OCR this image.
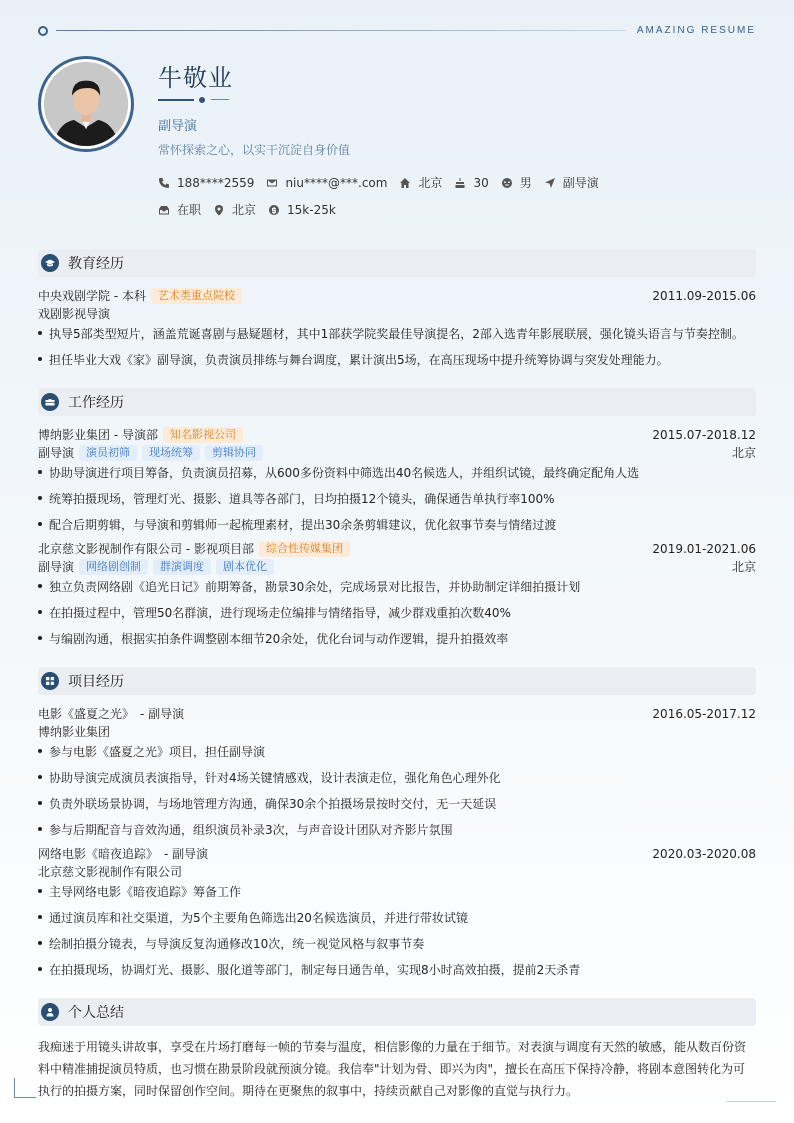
AMAZING RESUME
牛敬业
副导演
常怀探索之心，以实干沉淀自身价值
188****2559	niu****@***.com	北京	30	男	副导演
在职	北京	15k-25k
教育经历
中央戏剧学院 - 本科	艺术类重点院校	2011.09-2015.06
戏剧影视导演
执导5部类型短片，涵盖荒诞喜剧与悬疑题材，其中1部获学院奖最佳导演提名，2部入选青年影展联展，强化镜头语言与节奏控制。
担任毕业大戏《家》副导演，负责演员排练与舞台调度，累计演出5场，在高压现场中提升统筹协调与突发处理能力。
工作经历
博纳影业集团 - 导演部	知名影视公司	2015.07-2018.12
副导演	演员初筛	现场统筹	剪辑协同	北京
协助导演进行项目筹备，负责演员招募，从600多份资料中筛选出40名候选人，并组织试镜，最终确定配角人选
统筹拍摄现场，管理灯光、摄影、道具等各部门，日均拍摄12个镜头，确保通告单执行率100%
配合后期剪辑，与导演和剪辑师一起梳理素材，提出30余条剪辑建议，优化叙事节奏与情绪过渡
北京慈文影视制作有限公司 - 影视项目部	综合性传媒集团	2019.01-2021.06
副导演	网络剧创制	群演调度	剧本优化	北京
独立负责网络剧《追光日记》前期筹备，勘景30余处，完成场景对比报告，并协助制定详细拍摄计划
在拍摄过程中，管理50名群演，进行现场走位编排与情绪指导，减少群戏重拍次数40%
与编剧沟通，根据实拍条件调整剧本细节20余处，优化台词与动作逻辑，提升拍摄效率
项目经历
电影《盛夏之光》 - 副导演	2016.05-2017.12
博纳影业集团
参与电影《盛夏之光》项目，担任副导演
协助导演完成演员表演指导，针对4场关键情感戏，设计表演走位，强化角色心理外化
负责外联场景协调，与场地管理方沟通，确保30余个拍摄场景按时交付，无一天延误
参与后期配音与音效沟通，组织演员补录3次，与声音设计团队对齐影片氛围
网络电影《暗夜追踪》 - 副导演	2020.03-2020.08
北京慈文影视制作有限公司
主导网络电影《暗夜追踪》筹备工作
通过演员库和社交渠道，为5个主要角色筛选出20名候选演员，并进行带妆试镜
绘制拍摄分镜表，与导演反复沟通修改10次，统一视觉风格与叙事节奏
在拍摄现场，协调灯光、摄影、服化道等部门，制定每日通告单，实现8小时高效拍摄，提前2天杀青
个人总结
我痴迷于用镜头讲故事，享受在片场打磨每一帧的节奏与温度，相信影像的力量在于细节。对表演与调度有天然的敏感，能从数百份资料中精准捕捉演员特质，也习惯在勘景阶段就预演分镜。我信奉"计划为骨、即兴为肉"，擅长在高压下保持冷静，将剧本意图转化为可执行的拍摄方案，同时保留创作空间。期待在更聚焦的叙事中，持续贡献自己对影像的直觉与执行力。
